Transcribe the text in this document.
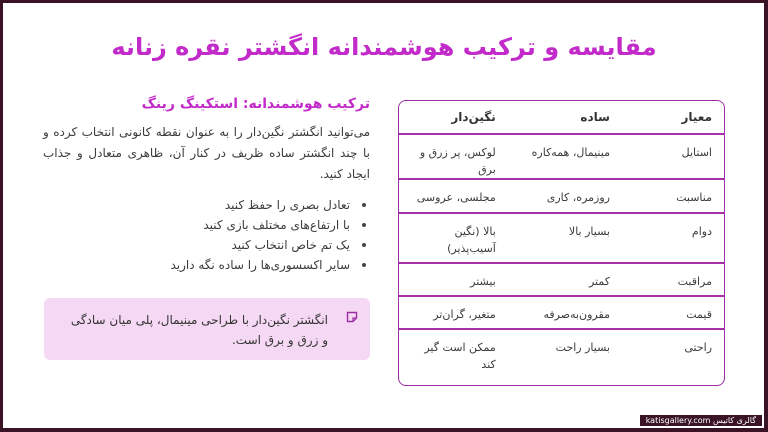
مقایسه و ترکیب هوشمندانه انگشتر نقره زنانه
ترکیب هوشمندانه: استکینگ رینگ

می‌توانید انگشتر نگین‌دار را به عنوان نقطه کانونی انتخاب کرده و با چند انگشتر ساده ظریف در کنار آن، ظاهری متعادل و جذاب ایجاد کنید.

تعادل بصری را حفظ کنید
با ارتفاع‌های مختلف بازی کنید
یک تم خاص انتخاب کنید
سایر اکسسوری‌ها را ساده نگه دارید
انگشتر نگین‌دار با طراحی مینیمال، پلی میان سادگی و زرق و برق است.
معیار	ساده	نگین‌دار
استایل	مینیمال، همه‌کاره	لوکس، پر زرق و برق
مناسبت	روزمره، کاری	مجلسی، عروسی
دوام	بسیار بالا	بالا (نگین آسیب‌پذیر)
مراقبت	کمتر	بیشتر
قیمت	مقرون‌به‌صرفه	متغیر، گران‌تر
راحتی	بسیار راحت	ممکن است گیر کند
گالری کاتیس katisgallery.com
